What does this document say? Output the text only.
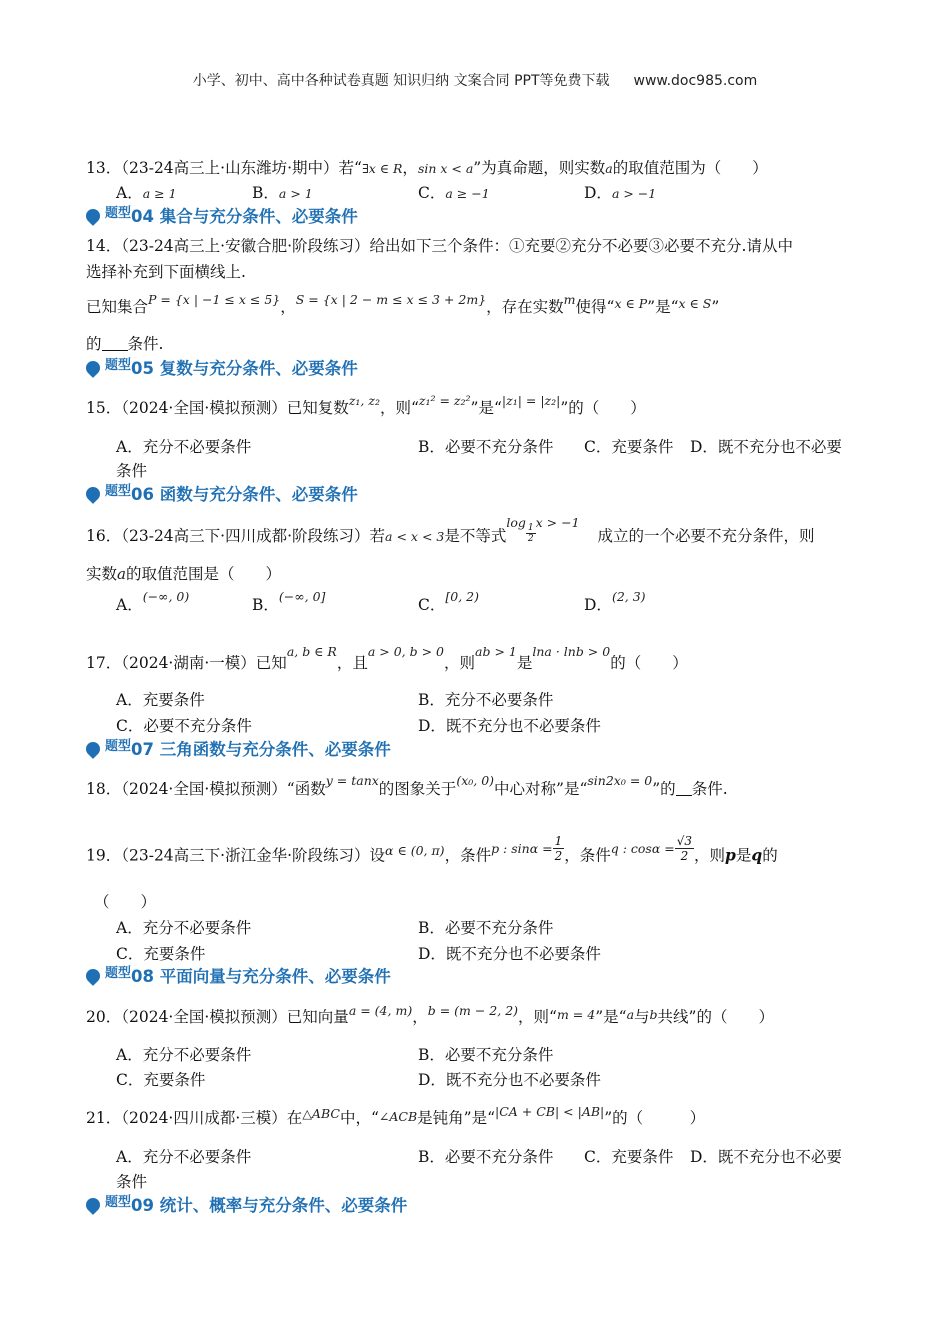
小学、初中、高中各种试卷真题 知识归纳 文案合同 PPT等免费下载 www.doc985.com
13．（23-24高三上·山东潍坊·期中）若“∃x ∈ R，sin x < a”为真命题，则实数a的取值范围为（　　）
A．a ≥ 1	B．a > 1	C．a ≥ −1	D．a > −1
$^{题型}$04 集合与充分条件、必要条件
14．（23-24高三上·安徽合肥·阶段练习）给出如下三个条件：①充要②充分不必要③必要不充分.请从中
选择补充到下面横线上.
已知集合$^{P = \{x | -1 \le x \le 5\}}$，$^{S = \{x | 2 - m \le x \le 3 + 2m\}}$，存在实数$^m$使得“$^{x \in P}$”是“$^{x \in S}$”
的 条件.
$^{题型}$05 复数与充分条件、必要条件
15．（2024·全国·模拟预测）已知复数$^{z_1, z_2}$，则“$^{z_1^2 = z_2^2}$”是“$^{|z_1| = |z_2|}$”的（　　）
A．充分不必要条件	B．必要不充分条件 C．充要条件 D．既不充分也不必要
条件
$^{题型}$06 函数与充分条件、必要条件
16．（23-24高三下·四川成都·阶段练习）若a < x < 3是不等式$^{log} \frac{1}{2} ^{x > -1}$成立的一个必要不充分条件，则
实数a的取值范围是（　　）
A．$^{(-\infty, 0)}$	B．$^{(-\infty, 0]}$	C．$^{[0, 2)}$	D．$^{(2, 3)}$
17．（2024·湖南·一模）已知$^{a, b \in R}$，且$^{a > 0, b > 0}$，则$^{ab > 1}$是$^{lna \cdot lnb > 0}$的（　　）
A．充要条件	B．充分不必要条件
C．必要不充分条件	D．既不充分也不必要条件
$^{题型}$07 三角函数与充分条件、必要条件
18．（2024·全国·模拟预测）“函数$^{y = tanx}$的图象关于$^{(x_0, 0)}$中心对称”是“$^{sin2x_0 = 0}$”的 条件.
19．（23-24高三下·浙江金华·阶段练习）设$^{\alpha \in (0, \pi)}$，条件$^{p : sin\alpha =} \frac{1}{2}$ ，条件$^{q : cos\alpha =} \frac{√3}{2}$ ，则p是q的
（　　）
A．充分不必要条件	B．必要不充分条件
C．充要条件	D．既不充分也不必要条件
$^{题型}$08 平面向量与充分条件、必要条件
20．（2024·全国·模拟预测）已知向量$^{a = (4, m)}$，$^{b = (m - 2, 2)}$，则“m = 4”是“a与b共线”的（　　）
A．充分不必要条件	B．必要不充分条件
C．充要条件	D．既不充分也不必要条件
21．（2024·四川成都·三模）在$^{\triangle ABC}$中，“∠ACB是钝角”是“$^{|CA + CB| < |AB|}$”的（　　　）
A．充分不必要条件	B．必要不充分条件 C．充要条件 D．既不充分也不必要
条件
$^{题型}$09 统计、概率与充分条件、必要条件
